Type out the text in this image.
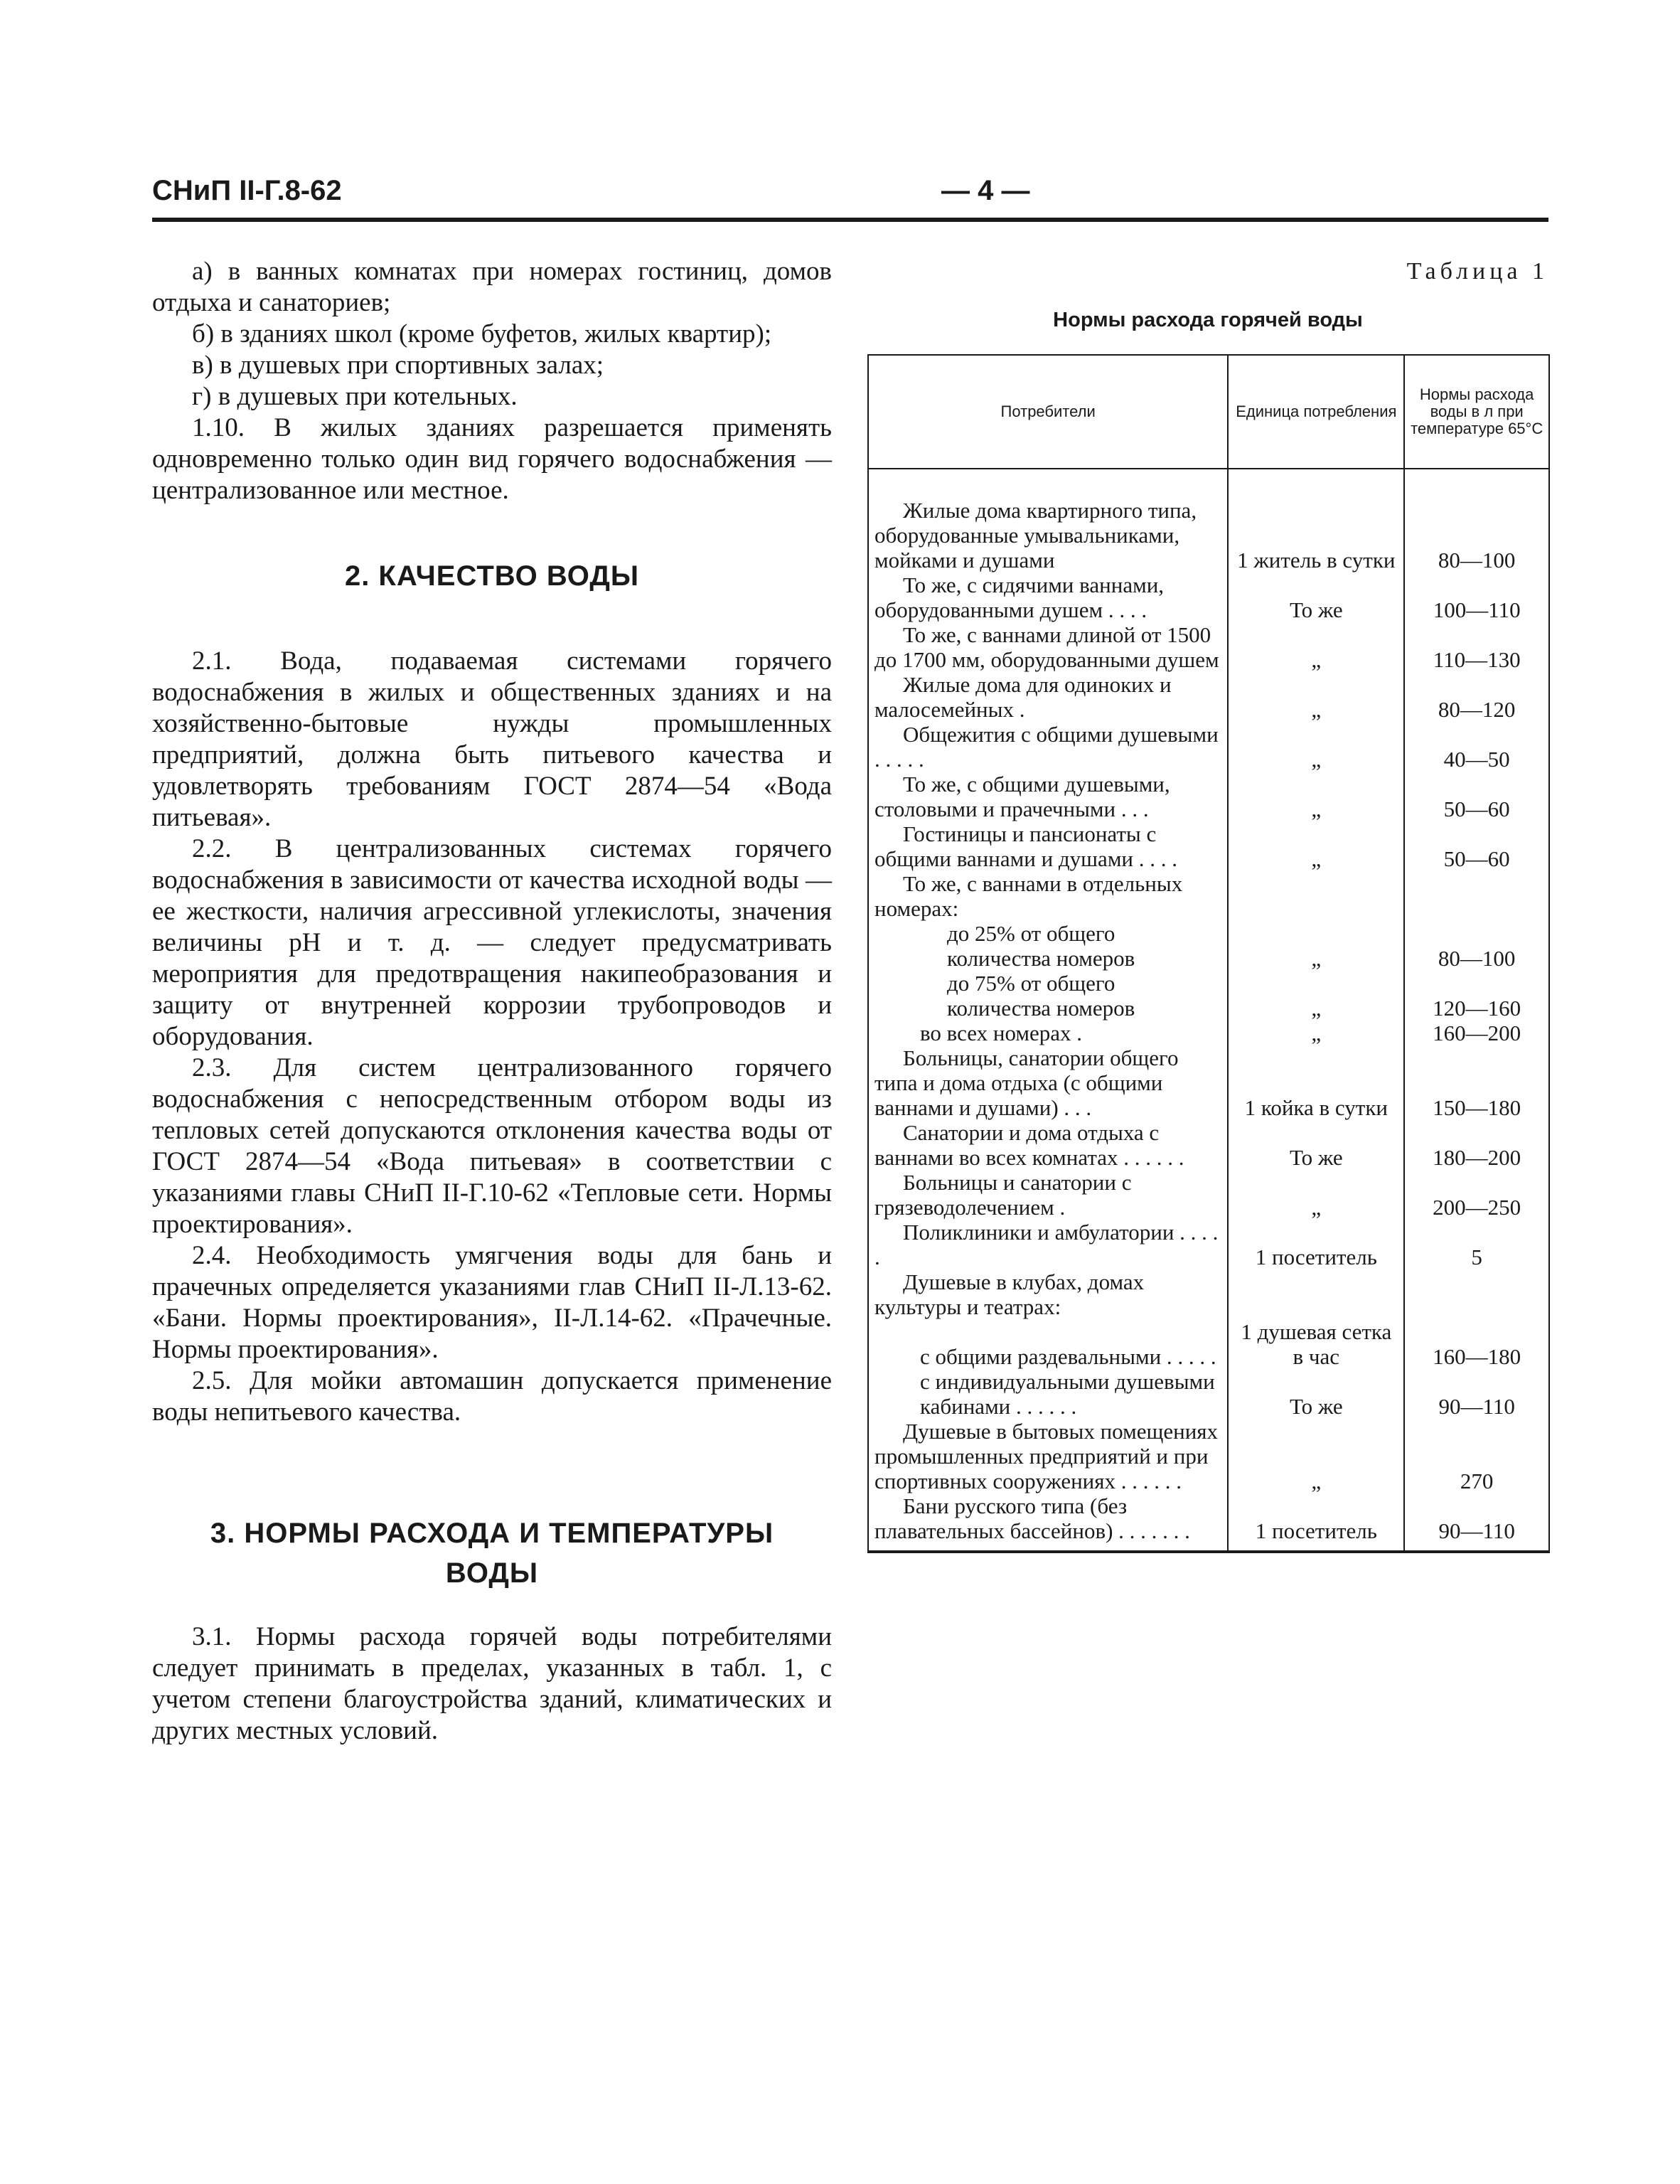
СНиП II-Г.8-62	— 4 —

а) в ванных комнатах при номерах гостиниц, домов отдыха и санаториев;

б) в зданиях школ (кроме буфетов, жилых квартир);

в) в душевых при спортивных залах;

г) в душевых при котельных.

1.10. В жилых зданиях разрешается применять одновременно только один вид горячего водоснабжения — централизованное или местное.

2. КАЧЕСТВО ВОДЫ

2.1. Вода, подаваемая системами горячего водоснабжения в жилых и общественных зданиях и на хозяйственно-бытовые нужды промышленных предприятий, должна быть питьевого качества и удовлетворять требованиям ГОСТ 2874—54 «Вода питьевая».

2.2. В централизованных системах горячего водоснабжения в зависимости от качества исходной воды — ее жесткости, наличия агрессивной углекислоты, значения величины pH и т. д. — следует предусматривать мероприятия для предотвращения накипеобразования и защиту от внутренней коррозии трубопроводов и оборудования.

2.3. Для систем централизованного горячего водоснабжения с непосредственным отбором воды из тепловых сетей допускаются отклонения качества воды от ГОСТ 2874—54 «Вода питьевая» в соответствии с указаниями главы СНиП II-Г.10-62 «Тепловые сети. Нормы проектирования».

2.4. Необходимость умягчения воды для бань и прачечных определяется указаниями глав СНиП II-Л.13-62. «Бани. Нормы проектирования», II-Л.14-62. «Прачечные. Нормы проектирования».

2.5. Для мойки автомашин допускается применение воды непитьевого качества.

3. НОРМЫ РАСХОДА И ТЕМПЕРАТУРЫ
ВОДЫ

3.1. Нормы расхода горячей воды потребителями следует принимать в пределах, указанных в табл. 1, с учетом степени благоустройства зданий, климатических и других местных условий.

Таблица 1
Нормы расхода горячей воды
Потребители	Единица потребления	Нормы расхода воды в л при температуре 65°С

Жилые дома квартирного типа, оборудованные умывальниками, мойками и душами	1 житель в сутки	80—100
То же, с сидячими ваннами, оборудованными душем . . . .	То же	100—110
То же, с ваннами длиной от 1500 до 1700 мм, оборудованными душем	„	110—130
Жилые дома для одиноких и малосемейных .	„	80—120
Общежития с общими душевыми . . . . .	„	40—50
То же, с общими душевыми, столовыми и прачечными . . .	„	50—60
Гостиницы и пансионаты с общими ваннами и душами . . . .	„	50—60
То же, с ваннами в отдельных номерах:		
до 25% от общего количества номеров	„	80—100
до 75% от общего количества номеров	„	120—160
во всех номерах .	„	160—200
Больницы, санатории общего типа и дома отдыха (с общими ваннами и душами) . . .	1 койка в сутки	150—180
Санатории и дома отдыха с ваннами во всех комнатах . . . . . .	То же	180—200
Больницы и санатории с грязеводолечением .	„	200—250
Поликлиники и амбулатории . . . . .	1 посетитель	5
Душевые в клубах, домах культуры и театрах:		
с общими раздевальными . . . . .	1 душевая сетка в час	160—180
с индивидуальными душевыми кабинами . . . . . .	То же	90—110
Душевые в бытовых помещениях промышленных предприятий и при спортивных сооружениях . . . . . .	„	270
Бани русского типа (без плавательных бассейнов) . . . . . . .	1 посетитель	90—110
